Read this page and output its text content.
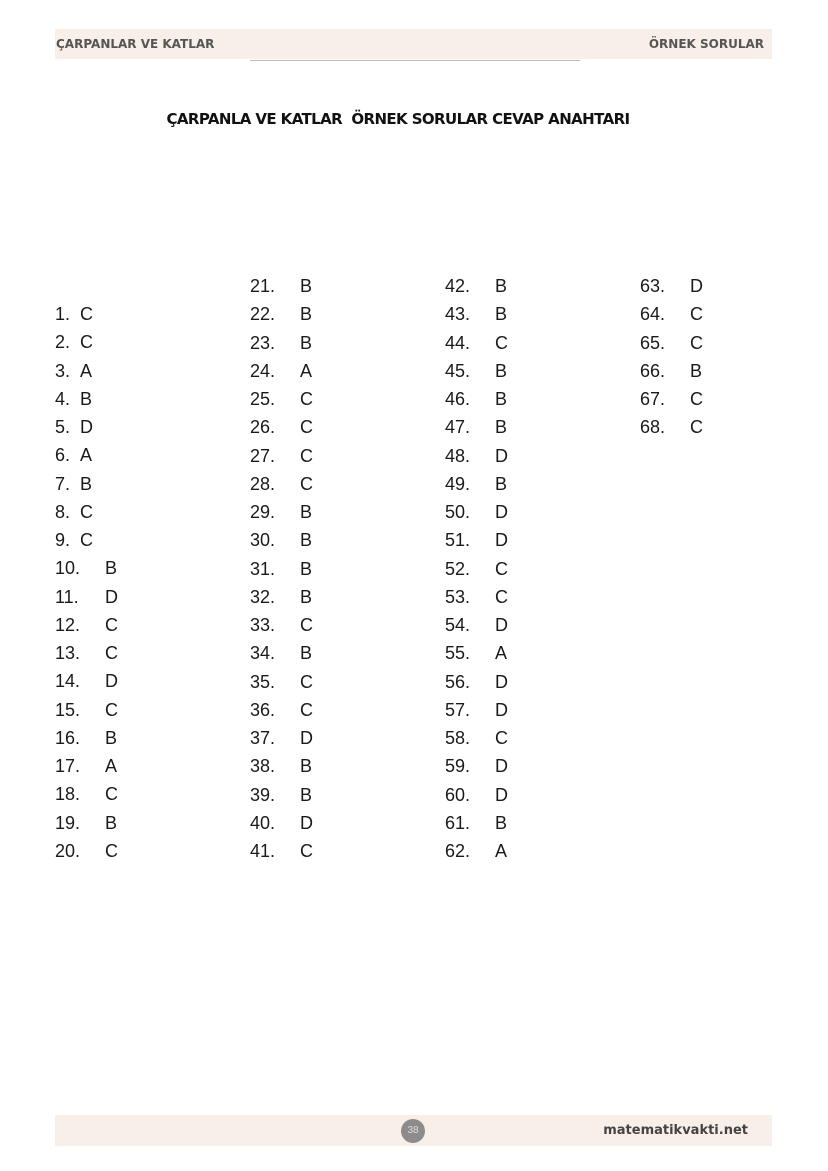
ÇARPANLAR VE KATLAR	ÖRNEK SORULAR
ÇARPANLA VE KATLAR  ÖRNEK SORULAR CEVAP ANAHTARI
1. C
2. C
3. A
4. B
5. D
6. A
7. B
8. C
9. C
10. B
11. D
12. C
13. C
14. D
15. C
16. B
17. A
18. C
19. B
20. C
21. B
22. B
23. B
24. A
25. C
26. C
27. C
28. C
29. B
30. B
31. B
32. B
33. C
34. B
35. C
36. C
37. D
38. B
39. B
40. D
41. C
42. B
43. B
44. C
45. B
46. B
47. B
48. D
49. B
50. D
51. D
52. C
53. C
54. D
55. A
56. D
57. D
58. C
59. D
60. D
61. B
62. A
63. D
64. C
65. C
66. B
67. C
68. C
38	matematikvakti.net
